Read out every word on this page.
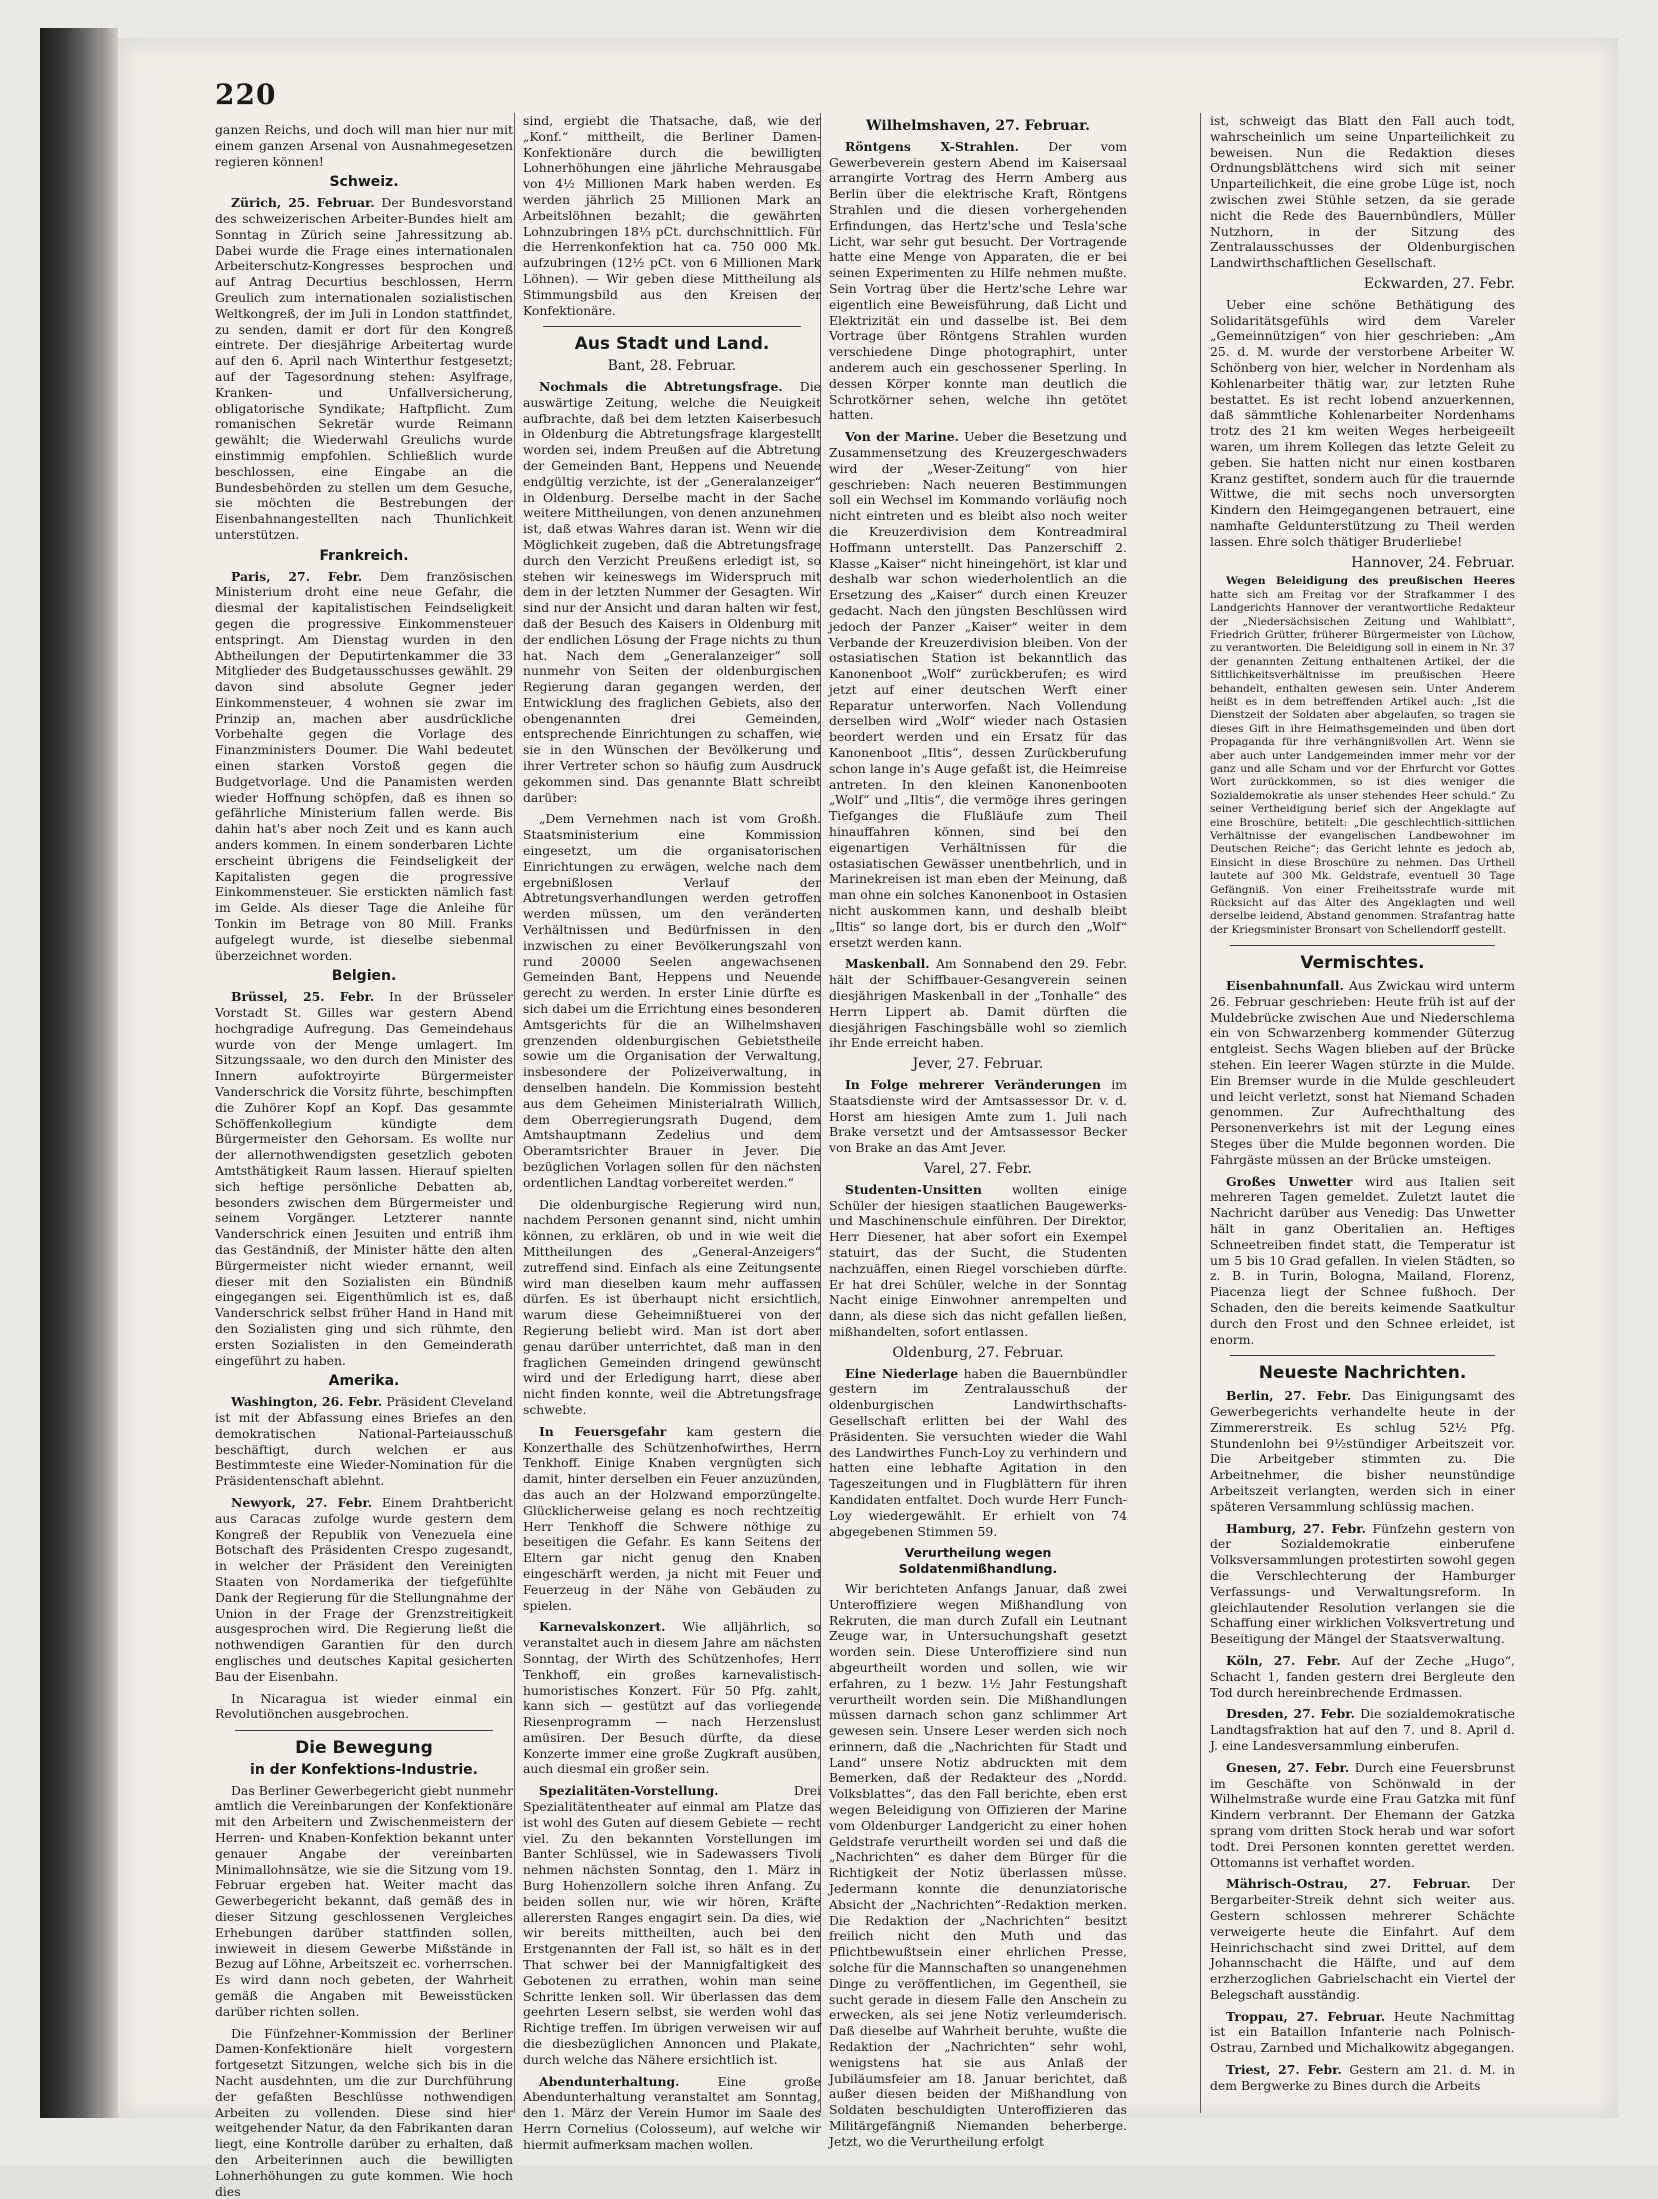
220

ganzen Reichs, und doch will man hier nur mit einem ganzen Arsenal von Ausnahmegesetzen regieren können!

Schweiz.

Zürich, 25. Februar. Der Bundesvorstand des schweizerischen Arbeiter-Bundes hielt am Sonntag in Zürich seine Jahressitzung ab. Dabei wurde die Frage eines internationalen Arbeiterschutz-Kongresses besprochen und auf Antrag Decurtius beschlossen, Herrn Greulich zum internationalen sozialistischen Weltkongreß, der im Juli in London stattfindet, zu senden, damit er dort für den Kongreß eintrete. Der diesjährige Arbeitertag wurde auf den 6. April nach Winterthur festgesetzt; auf der Tagesordnung stehen: Asylfrage, Kranken- und Unfallversicherung, obligatorische Syndikate; Haftpflicht. Zum romanischen Sekretär wurde Reimann gewählt; die Wiederwahl Greulichs wurde einstimmig empfohlen. Schließlich wurde beschlossen, eine Eingabe an die Bundesbehörden zu stellen um dem Gesuche, sie möchten die Bestrebungen der Eisenbahnangestellten nach Thunlichkeit unterstützen.

Frankreich.

Paris, 27. Febr. Dem französischen Ministerium droht eine neue Gefahr, die diesmal der kapitalistischen Feindseligkeit gegen die progressive Einkommensteuer entspringt. Am Dienstag wurden in den Abtheilungen der Deputirtenkammer die 33 Mitglieder des Budgetausschusses gewählt. 29 davon sind absolute Gegner jeder Einkommensteuer, 4 wohnen sie zwar im Prinzip an, machen aber ausdrückliche Vorbehalte gegen die Vorlage des Finanzministers Doumer. Die Wahl bedeutet einen starken Vorstoß gegen die Budgetvorlage. Und die Panamisten werden wieder Hoffnung schöpfen, daß es ihnen so gefährliche Ministerium fallen werde. Bis dahin hat's aber noch Zeit und es kann auch anders kommen. In einem sonderbaren Lichte erscheint übrigens die Feindseligkeit der Kapitalisten gegen die progressive Einkommensteuer. Sie erstickten nämlich fast im Gelde. Als dieser Tage die Anleihe für Tonkin im Betrage von 80 Mill. Franks aufgelegt wurde, ist dieselbe siebenmal überzeichnet worden.

Belgien.

Brüssel, 25. Febr. In der Brüsseler Vorstadt St. Gilles war gestern Abend hochgradige Aufregung. Das Gemeindehaus wurde von der Menge umlagert. Im Sitzungssaale, wo den durch den Minister des Innern aufoktroyirte Bürgermeister Vanderschrick die Vorsitz führte, beschimpften die Zuhörer Kopf an Kopf. Das gesammte Schöffenkollegium kündigte dem Bürgermeister den Gehorsam. Es wollte nur der allernothwendigsten gesetzlich geboten Amtsthätigkeit Raum lassen. Hierauf spielten sich heftige persönliche Debatten ab, besonders zwischen dem Bürgermeister und seinem Vorgänger. Letzterer nannte Vanderschrick einen Jesuiten und entriß ihm das Geständniß, der Minister hätte den alten Bürgermeister nicht wieder ernannt, weil dieser mit den Sozialisten ein Bündniß eingegangen sei. Eigenthümlich ist es, daß Vanderschrick selbst früher Hand in Hand mit den Sozialisten ging und sich rühmte, den ersten Sozialisten in den Gemeinderath eingeführt zu haben.

Amerika.

Washington, 26. Febr. Präsident Cleveland ist mit der Abfassung eines Briefes an den demokratischen National-Parteiausschuß beschäftigt, durch welchen er aus Bestimmteste eine Wieder-Nomination für die Präsidentenschaft ablehnt.

Newyork, 27. Febr. Einem Drahtbericht aus Caracas zufolge wurde gestern dem Kongreß der Republik von Venezuela eine Botschaft des Präsidenten Crespo zugesandt, in welcher der Präsident den Vereinigten Staaten von Nordamerika der tiefgefühlte Dank der Regierung für die Stellungnahme der Union in der Frage der Grenzstreitigkeit ausgesprochen wird. Die Regierung ließt die nothwendigen Garantien für den durch englisches und deutsches Kapital gesicherten Bau der Eisenbahn.

In Nicaragua ist wieder einmal ein Revolutiönchen ausgebrochen.

Die Bewegung
in der Konfektions-Industrie.

Das Berliner Gewerbegericht giebt nunmehr amtlich die Vereinbarungen der Konfektionäre mit den Arbeitern und Zwischenmeistern der Herren- und Knaben-Konfektion bekannt unter genauer Angabe der vereinbarten Minimallohnsätze, wie sie die Sitzung vom 19. Februar ergeben hat. Weiter macht das Gewerbegericht bekannt, daß gemäß des in dieser Sitzung geschlossenen Vergleiches Erhebungen darüber stattfinden sollen, inwieweit in diesem Gewerbe Mißstände in Bezug auf Löhne, Arbeitszeit ec. vorherrschen. Es wird dann noch gebeten, der Wahrheit gemäß die Angaben mit Beweisstücken darüber richten sollen.

Die Fünfzehner-Kommission der Berliner Damen-Konfektionäre hielt vorgestern fortgesetzt Sitzungen, welche sich bis in die Nacht ausdehnten, um die zur Durchführung der gefaßten Beschlüsse nothwendigen Arbeiten zu vollenden. Diese sind hier weitgehender Natur, da den Fabrikanten daran liegt, eine Kontrolle darüber zu erhalten, daß den Arbeiterinnen auch die bewilligten Lohnerhöhungen zu gute kommen. Wie hoch dies

sind, ergiebt die Thatsache, daß, wie der „Konf.“ mittheilt, die Berliner Damen-Konfektionäre durch die bewilligten Lohnerhöhungen eine jährliche Mehrausgabe von 4½ Millionen Mark haben werden. Es werden jährlich 25 Millionen Mark an Arbeitslöhnen bezahlt; die gewährten Lohnzubringen 18⅓ pCt. durchschnittlich. Für die Herrenkonfektion hat ca. 750 000 Mk. aufzubringen (12½ pCt. von 6 Millionen Mark Löhnen). — Wir geben diese Mittheilung als Stimmungsbild aus den Kreisen der Konfektionäre.

Aus Stadt und Land.
Bant, 28. Februar.

Nochmals die Abtretungsfrage. Die auswärtige Zeitung, welche die Neuigkeit aufbrachte, daß bei dem letzten Kaiserbesuch in Oldenburg die Abtretungsfrage klargestellt worden sei, indem Preußen auf die Abtretung der Gemeinden Bant, Heppens und Neuende endgültig verzichte, ist der „Generalanzeiger“ in Oldenburg. Derselbe macht in der Sache weitere Mittheilungen, von denen anzunehmen ist, daß etwas Wahres daran ist. Wenn wir die Möglichkeit zugeben, daß die Abtretungsfrage durch den Verzicht Preußens erledigt ist, so stehen wir keineswegs im Widerspruch mit dem in der letzten Nummer der Gesagten. Wir sind nur der Ansicht und daran halten wir fest, daß der Besuch des Kaisers in Oldenburg mit der endlichen Lösung der Frage nichts zu thun hat. Nach dem „Generalanzeiger“ soll nunmehr von Seiten der oldenburgischen Regierung daran gegangen werden, der Entwicklung des fraglichen Gebiets, also der obengenannten drei Gemeinden, entsprechende Einrichtungen zu schaffen, wie sie in den Wünschen der Bevölkerung und ihrer Vertreter schon so häufig zum Ausdruck gekommen sind. Das genannte Blatt schreibt darüber:

„Dem Vernehmen nach ist vom Großh. Staatsministerium eine Kommission eingesetzt, um die organisatorischen Einrichtungen zu erwägen, welche nach dem ergebnißlosen Verlauf der Abtretungsverhandlungen werden getroffen werden müssen, um den veränderten Verhältnissen und Bedürfnissen in den inzwischen zu einer Bevölkerungszahl von rund 20000 Seelen angewachsenen Gemeinden Bant, Heppens und Neuende gerecht zu werden. In erster Linie dürfte es sich dabei um die Errichtung eines besonderen Amtsgerichts für die an Wilhelmshaven grenzenden oldenburgischen Gebietstheile sowie um die Organisation der Verwaltung, insbesondere der Polizeiverwaltung, in denselben handeln. Die Kommission besteht aus dem Geheimen Ministerialrath Willich, dem Oberregierungsrath Dugend, dem Amtshauptmann Zedelius und dem Oberamtsrichter Brauer in Jever. Die bezüglichen Vorlagen sollen für den nächsten ordentlichen Landtag vorbereitet werden.“

Die oldenburgische Regierung wird nun, nachdem Personen genannt sind, nicht umhin können, zu erklären, ob und in wie weit die Mittheilungen des „General-Anzeigers“ zutreffend sind. Einfach als eine Zeitungsente wird man dieselben kaum mehr auffassen dürfen. Es ist überhaupt nicht ersichtlich, warum diese Geheimnißtuerei von der Regierung beliebt wird. Man ist dort aber genau darüber unterrichtet, daß man in den fraglichen Gemeinden dringend gewünscht wird und der Erledigung harrt, diese aber nicht finden konnte, weil die Abtretungsfrage schwebte.

In Feuersgefahr kam gestern die Konzerthalle des Schützenhofwirthes, Herrn Tenkhoff. Einige Knaben vergnügten sich damit, hinter derselben ein Feuer anzuzünden, das auch an der Holzwand emporzüngelte. Glücklicherweise gelang es noch rechtzeitig Herr Tenkhoff die Schwere nöthige zu beseitigen die Gefahr. Es kann Seitens der Eltern gar nicht genug den Knaben eingeschärft werden, ja nicht mit Feuer und Feuerzeug in der Nähe von Gebäuden zu spielen.

Karnevalskonzert. Wie alljährlich, so veranstaltet auch in diesem Jahre am nächsten Sonntag, der Wirth des Schützenhofes, Herr Tenkhoff, ein großes karnevalistisch-humoristisches Konzert. Für 50 Pfg. zahlt, kann sich — gestützt auf das vorliegende Riesenprogramm — nach Herzenslust amüsiren. Der Besuch dürfte, da diese Konzerte immer eine große Zugkraft ausüben, auch diesmal ein großer sein.

Spezialitäten-Vorstellung.	Drei Spezialitätentheater auf einmal am Platze das ist wohl des Guten auf diesem Gebiete — recht viel. Zu den bekannten Vorstellungen im Banter Schlüssel, wie in Sadewassers Tivoli nehmen nächsten Sonntag, den 1. März in Burg Hohenzollern solche ihren Anfang. Zu beiden sollen nur, wie wir hören, Kräfte allerersten Ranges engagirt sein. Da dies, wie wir bereits mittheilten, auch bei den Erstgenannten der Fall ist, so hält es in der That schwer bei der Mannigfaltigkeit des Gebotenen zu errathen, wohin man seine Schritte lenken soll. Wir überlassen das dem geehrten Lesern selbst, sie werden wohl das Richtige treffen. Im übrigen verweisen wir auf die diesbezüglichen Annoncen und Plakate, durch welche das Nähere ersichtlich ist.

Abendunterhaltung.	Eine große Abendunterhaltung veranstaltet am Sonntag, den 1. März der Verein Humor im Saale des Herrn Cornelius (Colosseum), auf welche wir hiermit aufmerksam machen wollen.

Wilhelmshaven, 27. Februar.

Röntgens X-Strahlen. Der vom Gewerbeverein gestern Abend im Kaisersaal arrangirte Vortrag des Herrn Amberg aus Berlin über die elektrische Kraft, Röntgens Strahlen und die diesen vorhergehenden Erfindungen, das Hertz'sche und Tesla'sche Licht, war sehr gut besucht. Der Vortragende hatte eine Menge von Apparaten, die er bei seinen Experimenten zu Hilfe nehmen mußte. Sein Vortrag über die Hertz'sche Lehre war eigentlich eine Beweisführung, daß Licht und Elektrizität ein und dasselbe ist. Bei dem Vortrage über Röntgens Strahlen wurden verschiedene Dinge photographirt, unter anderem auch ein geschossener Sperling. In dessen Körper konnte man deutlich die Schrotkörner sehen, welche ihn getötet hatten.

Von der Marine. Ueber die Besetzung und Zusammensetzung des Kreuzergeschwaders wird der „Weser-Zeitung“ von hier geschrieben: Nach neueren Bestimmungen soll ein Wechsel im Kommando vorläufig noch nicht eintreten und es bleibt also noch weiter die Kreuzerdivision dem Kontreadmiral Hoffmann unterstellt. Das Panzerschiff 2. Klasse „Kaiser“ nicht hineingehört, ist klar und deshalb war schon wiederholentlich an die Ersetzung des „Kaiser“ durch einen Kreuzer gedacht. Nach den jüngsten Beschlüssen wird jedoch der Panzer „Kaiser“ weiter in dem Verbande der Kreuzerdivision bleiben. Von der ostasiatischen Station ist bekanntlich das Kanonenboot „Wolf“ zurückberufen; es wird jetzt auf einer deutschen Werft einer Reparatur unterworfen. Nach Vollendung derselben wird „Wolf“ wieder nach Ostasien beordert werden und ein Ersatz für das Kanonenboot „Iltis“, dessen Zurückberufung schon lange in's Auge gefaßt ist, die Heimreise antreten. In den kleinen Kanonenbooten „Wolf“ und „Iltis“, die vermöge ihres geringen Tiefganges die Flußläufe zum Theil hinauffahren können, sind bei den eigenartigen Verhältnissen für die ostasiatischen Gewässer unentbehrlich, und in Marinekreisen ist man eben der Meinung, daß man ohne ein solches Kanonenboot in Ostasien nicht auskommen kann, und deshalb bleibt „Iltis“ so lange dort, bis er durch den „Wolf“ ersetzt werden kann.

Maskenball. Am Sonnabend den 29. Febr. hält der Schiffbauer-Gesangverein seinen diesjährigen Maskenball in der „Tonhalle“ des Herrn Lippert ab. Damit dürften die diesjährigen Faschingsbälle wohl so ziemlich ihr Ende erreicht haben.

Jever, 27. Februar.

In Folge mehrerer Veränderungen im Staatsdienste wird der Amtsassessor Dr. v. d. Horst am hiesigen Amte zum 1. Juli nach Brake versetzt und der Amtsassessor Becker von Brake an das Amt Jever.

Varel, 27. Febr.

Studenten-Unsitten wollten einige Schüler der hiesigen staatlichen Baugewerks- und Maschinenschule einführen. Der Direktor, Herr Diesener, hat aber sofort ein Exempel statuirt, das der Sucht, die Studenten nachzuäffen, einen Riegel vorschieben dürfte. Er hat drei Schüler, welche in der Sonntag Nacht einige Einwohner anrempelten und dann, als diese sich das nicht gefallen ließen, mißhandelten, sofort entlassen.

Oldenburg, 27. Februar.

Eine Niederlage haben die Bauernbündler gestern im Zentralausschuß der oldenburgischen Landwirthschafts-Gesellschaft erlitten bei der Wahl des Präsidenten. Sie versuchten wieder die Wahl des Landwirthes Funch-Loy zu verhindern und hatten eine lebhafte Agitation in den Tageszeitungen und in Flugblättern für ihren Kandidaten entfaltet. Doch wurde Herr Funch-Loy wiedergewählt. Er erhielt von 74 abgegebenen Stimmen 59.

Verurtheilung wegen Soldatenmißhandlung.

Wir berichteten Anfangs Januar, daß zwei Unteroffiziere wegen Mißhandlung von Rekruten, die man durch Zufall ein Leutnant Zeuge war, in Untersuchungshaft gesetzt worden sein. Diese Unteroffiziere sind nun abgeurtheilt worden und sollen, wie wir erfahren, zu 1 bezw. 1½ Jahr Festungshaft verurtheilt worden sein. Die Mißhandlungen müssen darnach schon ganz schlimmer Art gewesen sein. Unsere Leser werden sich noch erinnern, daß die „Nachrichten für Stadt und Land“ unsere Notiz abdruckten mit dem Bemerken, daß der Redakteur des „Nordd. Volksblattes“, das den Fall berichte, eben erst wegen Beleidigung von Offizieren der Marine vom Oldenburger Landgericht zu einer hohen Geldstrafe verurtheilt worden sei und daß die „Nachrichten“ es daher dem Bürger für die Richtigkeit der Notiz überlassen müsse. Jedermann konnte die denunziatorische Absicht der „Nachrichten“-Redaktion merken. Die Redaktion der „Nachrichten“ besitzt freilich nicht den Muth und das Pflichtbewußtsein einer ehrlichen Presse, solche für die Mannschaften so unangenehmen Dinge zu veröffentlichen, im Gegentheil, sie sucht gerade in diesem Falle den Anschein zu erwecken, als sei jene Notiz verleumderisch. Daß dieselbe auf Wahrheit beruhte, wußte die Redaktion der „Nachrichten“ sehr wohl, wenigstens hat sie aus Anlaß der Jubiläumsfeier am 18. Januar berichtet, daß außer diesen beiden der Mißhandlung von Soldaten beschuldigten Unteroffizieren das Militärgefängniß Niemanden beherberge. Jetzt, wo die Verurtheilung erfolgt

ist, schweigt das Blatt den Fall auch todt, wahrscheinlich um seine Unparteilichkeit zu beweisen. Nun die Redaktion dieses Ordnungsblättchens wird sich mit seiner Unparteilichkeit, die eine grobe Lüge ist, noch zwischen zwei Stühle setzen, da sie gerade nicht die Rede des Bauernbündlers, Müller Nutzhorn, in der Sitzung des Zentralausschusses der Oldenburgischen Landwirthschaftlichen Gesellschaft.

Eckwarden, 27. Febr.

Ueber eine schöne Bethätigung des Solidaritätsgefühls wird dem Vareler „Gemeinnützigen“ von hier geschrieben: „Am 25. d. M. wurde der verstorbene Arbeiter W. Schönberg von hier, welcher in Nordenham als Kohlenarbeiter thätig war, zur letzten Ruhe bestattet. Es ist recht lobend anzuerkennen, daß sämmtliche Kohlenarbeiter Nordenhams trotz des 21 km weiten Weges herbeigeeilt waren, um ihrem Kollegen das letzte Geleit zu geben. Sie hatten nicht nur einen kostbaren Kranz gestiftet, sondern auch für die trauernde Wittwe, die mit sechs noch unversorgten Kindern den Heimgegangenen betrauert, eine namhafte Geldunterstützung zu Theil werden lassen. Ehre solch thätiger Bruderliebe!

Hannover, 24. Februar.

Wegen Beleidigung des preußischen Heeres hatte sich am Freitag vor der Strafkammer I des Landgerichts Hannover der verantwortliche Redakteur der „Niedersächsischen Zeitung und Wahlblatt“, Friedrich Grütter, früherer Bürgermeister von Lüchow, zu verantworten. Die Beleidigung soll in einem in Nr. 37 der genannten Zeitung enthaltenen Artikel, der die Sittlichkeitsverhältnisse im preußischen Heere behandelt, enthalten gewesen sein. Unter Anderem heißt es in dem betreffenden Artikel auch: „Ist die Dienstzeit der Soldaten aber abgelaufen, so tragen sie dieses Gift in ihre Heimathsgemeinden und üben dort Propaganda für ihre verhängnißvollen Art. Wenn sie aber auch unter Landgemeinden immer mehr vor der ganz und alle Scham und vor der Ehrfurcht vor Gottes Wort zurückkommen, so ist dies weniger die Sozialdemokratie als unser stehendes Heer schuld.“ Zu seiner Vertheidigung berief sich der Angeklagte auf eine Broschüre, betitelt: „Die geschlechtlich-sittlichen Verhältnisse der evangelischen Landbewohner im Deutschen Reiche“; das Gericht lehnte es jedoch ab, Einsicht in diese Broschüre zu nehmen. Das Urtheil lautete auf 300 Mk. Geldstrafe, eventuell 30 Tage Gefängniß. Von einer Freiheitsstrafe wurde mit Rücksicht auf das Alter des Angeklagten und weil derselbe leidend, Abstand genommen. Strafantrag hatte der Kriegsminister Bronsart von Schellendorff gestellt.

Vermischtes.

Eisenbahnunfall. Aus Zwickau wird unterm 26. Februar geschrieben: Heute früh ist auf der Muldebrücke zwischen Aue und Niederschlema ein von Schwarzenberg kommender Güterzug entgleist. Sechs Wagen blieben auf der Brücke stehen. Ein leerer Wagen stürzte in die Mulde. Ein Bremser wurde in die Mulde geschleudert und leicht verletzt, sonst hat Niemand Schaden genommen. Zur Aufrechthaltung des Personenverkehrs ist mit der Legung eines Steges über die Mulde begonnen worden. Die Fahrgäste müssen an der Brücke umsteigen.

Großes Unwetter wird aus Italien seit mehreren Tagen gemeldet. Zuletzt lautet die Nachricht darüber aus Venedig: Das Unwetter hält in ganz Oberitalien an. Heftiges Schneetreiben findet statt, die Temperatur ist um 5 bis 10 Grad gefallen. In vielen Städten, so z. B. in Turin, Bologna, Mailand, Florenz, Piacenza liegt der Schnee fußhoch. Der Schaden, den die bereits keimende Saatkultur durch den Frost und den Schnee erleidet, ist enorm.

Neueste Nachrichten.

Berlin, 27. Febr. Das Einigungsamt des Gewerbegerichts verhandelte heute in der Zimmererstreik. Es schlug 52½ Pfg. Stundenlohn bei 9½stündiger Arbeitszeit vor. Die Arbeitgeber stimmten zu. Die Arbeitnehmer, die bisher neunstündige Arbeitszeit verlangten, werden sich in einer späteren Versammlung schlüssig machen.

Hamburg, 27. Febr. Fünfzehn gestern von der Sozialdemokratie einberufene Volksversammlungen protestirten sowohl gegen die Verschlechterung der Hamburger Verfassungs- und Verwaltungsreform. In gleichlautender Resolution verlangen sie die Schaffung einer wirklichen Volksvertretung und Beseitigung der Mängel der Staatsverwaltung.

Köln, 27. Febr. Auf der Zeche „Hugo“, Schacht 1, fanden gestern drei Bergleute den Tod durch hereinbrechende Erdmassen.

Dresden, 27. Febr. Die sozialdemokratische Landtagsfraktion hat auf den 7. und 8. April d. J. eine Landesversammlung einberufen.

Gnesen, 27. Febr. Durch eine Feuersbrunst im Geschäfte von Schönwald in der Wilhelmstraße wurde eine Frau Gatzka mit fünf Kindern verbrannt. Der Ehemann der Gatzka sprang vom dritten Stock herab und war sofort todt. Drei Personen konnten gerettet werden. Ottomanns ist verhaftet worden.

Mährisch-Ostrau, 27. Februar. Der Bergarbeiter-Streik dehnt sich weiter aus. Gestern schlossen mehrerer Schächte verweigerte heute die Einfahrt. Auf dem Heinrichschacht sind zwei Drittel, auf dem Johannschacht die Hälfte, und auf dem erzherzoglichen Gabrielschacht ein Viertel der Belegschaft ausständig.

Troppau, 27. Februar. Heute Nachmittag ist ein Bataillon Infanterie nach Polnisch-Ostrau, Zarnbed und Michalkowitz abgegangen.

Triest, 27. Febr. Gestern am 21. d. M. in dem Bergwerke zu Bines durch die Arbeits
